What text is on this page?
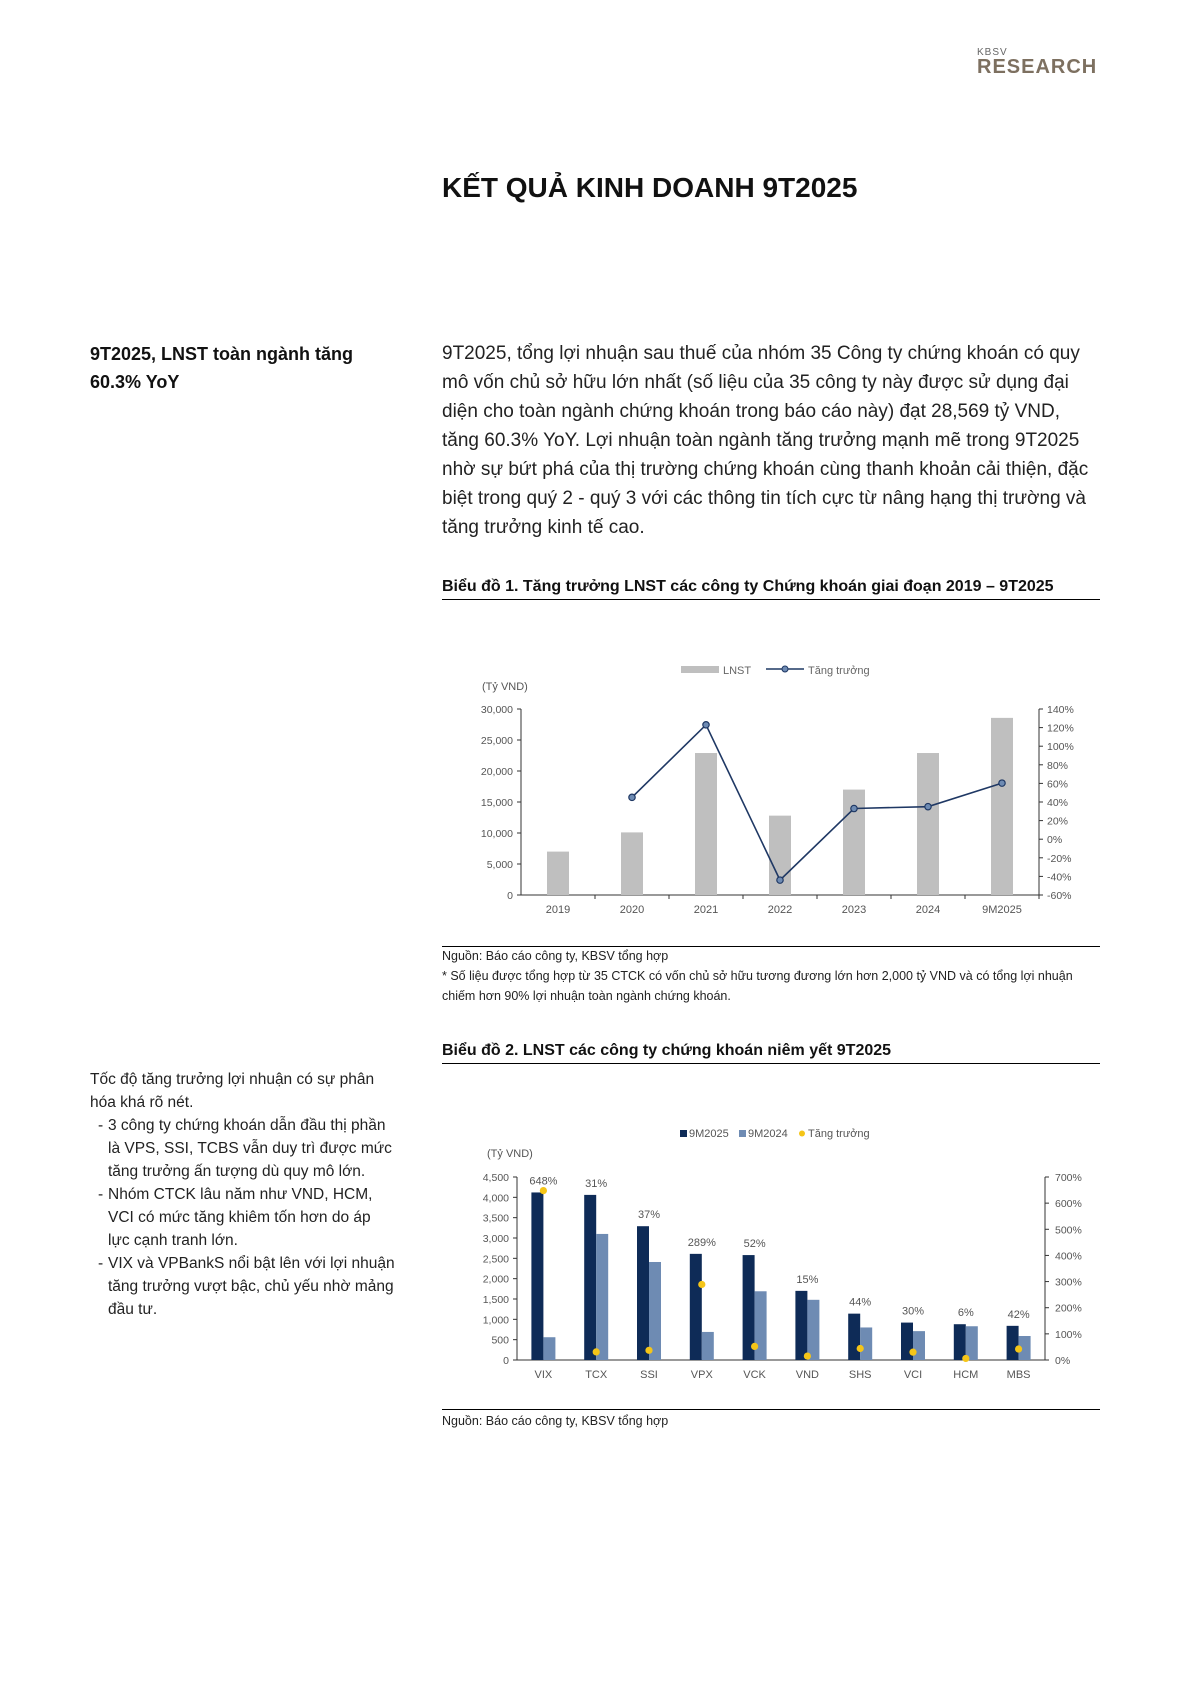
KBSV
RESEARCH
KẾT QUẢ KINH DOANH 9T2025

9T2025, LNST toàn ngành tăng 60.3% YoY

9T2025, tổng lợi nhuận sau thuế của nhóm 35 Công ty chứng khoán có quy mô vốn chủ sở hữu lớn nhất (số liệu của 35 công ty này được sử dụng đại diện cho toàn ngành chứng khoán trong báo cáo này) đạt 28,569 tỷ VND, tăng 60.3% YoY. Lợi nhuận toàn ngành tăng trưởng mạnh mẽ trong 9T2025 nhờ sự bứt phá của thị trường chứng khoán cùng thanh khoản cải thiện, đặc biệt trong quý 2 - quý 3 với các thông tin tích cực từ nâng hạng thị trường và tăng trưởng kinh tế cao.

Biểu đồ 1. Tăng trưởng LNST các công ty Chứng khoán giai đoạn 2019 – 9T2025

LNST	Tăng trưởng
(Tỷ VND)
0
5,000
10,000
15,000
20,000
25,000
30,000
-60%
-40%
-20%
0%
20%
40%
60%
80%
100%
120%
140%
2019	2020	2021	2022	2023	2024	9M2025

Nguồn: Báo cáo công ty, KBSV tổng hợp

* Số liệu được tổng hợp từ 35 CTCK có vốn chủ sở hữu tương đương lớn hơn 2,000 tỷ VND và có tổng lợi nhuận chiếm hơn 90% lợi nhuận toàn ngành chứng khoán.

Tốc độ tăng trưởng lợi nhuận có sự phân hóa khá rõ nét.
- 3 công ty chứng khoán dẫn đầu thị phần là VPS, SSI, TCBS vẫn duy trì được mức tăng trưởng ấn tượng dù quy mô lớn.
- Nhóm CTCK lâu năm như VND, HCM, VCI có mức tăng khiêm tốn hơn do áp lực cạnh tranh lớn.
- VIX và VPBankS nổi bật lên với lợi nhuận tăng trưởng vượt bậc, chủ yếu nhờ mảng đầu tư.

Biểu đồ 2. LNST các công ty chứng khoán niêm yết 9T2025

9M2025 9M2024 Tăng trưởng
(Tỷ VND)
0
500
1,000
1,500
2,000
2,500
3,000
3,500
4,000
4,500
0%
100%
200%
300%
400%
500%
600%
700%
VIX
648%
TCX
31%
SSI
37%
VPX
289%
VCK
52%
VND
15%
SHS
44%
VCI
30%
HCM
6%
MBS
42%

Nguồn: Báo cáo công ty, KBSV tổng hợp
